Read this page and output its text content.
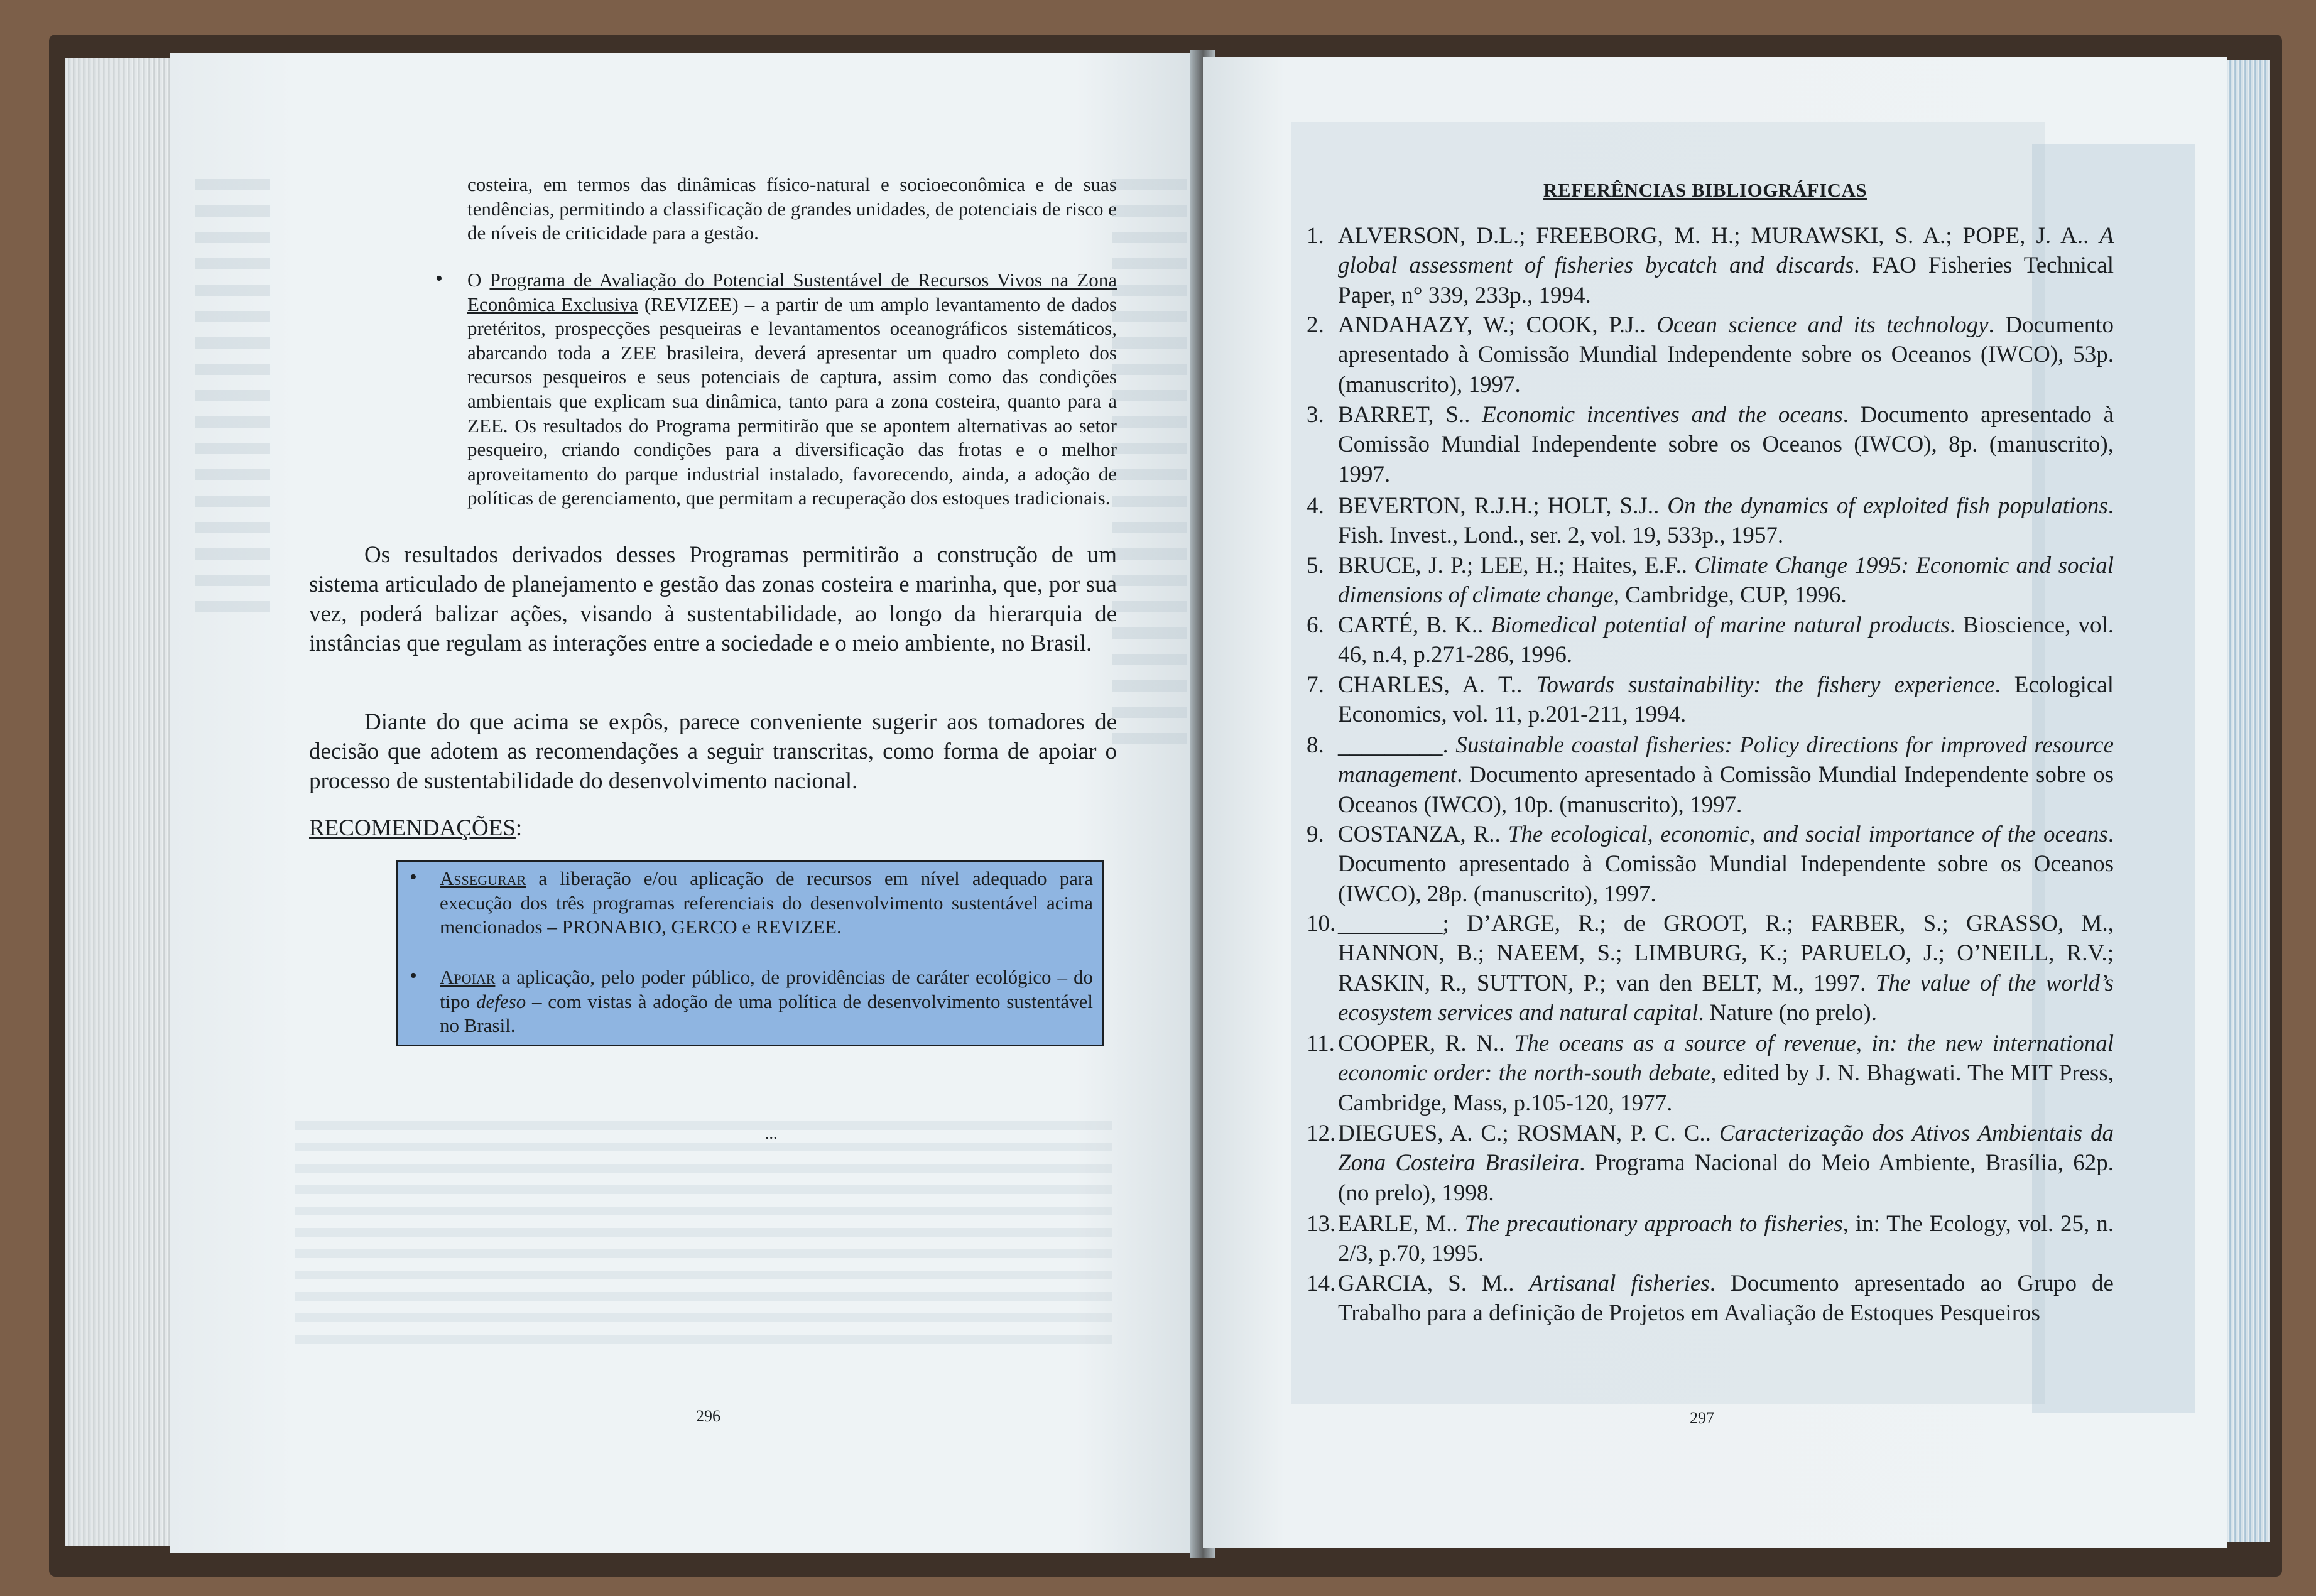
costeira, em termos das dinâmicas físico-natural e socioeconômica e de suas tendências, permitindo a classificação de grandes unidades, de potenciais de risco e de níveis de criticidade para a gestão.

• O Programa de Avaliação do Potencial Sustentável de Recursos Vivos na Zona Econômica Exclusiva (REVIZEE) – a partir de um amplo levantamento de dados pretéritos, prospecções pesqueiras e levantamentos oceanográficos sistemáticos, abarcando toda a ZEE brasileira, deverá apresentar um quadro completo dos recursos pesqueiros e seus potenciais de captura, assim como das condições ambientais que explicam sua dinâmica, tanto para a zona costeira, quanto para a ZEE. Os resultados do Programa permitirão que se apontem alternativas ao setor pesqueiro, criando condições para a diversificação das frotas e o melhor aproveitamento do parque industrial instalado, favorecendo, ainda, a adoção de políticas de gerenciamento, que permitam a recuperação dos estoques tradicionais.
Os resultados derivados desses Programas permitirão a construção de um sistema articulado de planejamento e gestão das zonas costeira e marinha, que, por sua vez, poderá balizar ações, visando à sustentabilidade, ao longo da hierarquia de instâncias que regulam as interações entre a sociedade e o meio ambiente, no Brasil.
Diante do que acima se expôs, parece conveniente sugerir aos tomadores de decisão que adotem as recomendações a seguir transcritas, como forma de apoiar o processo de sustentabilidade do desenvolvimento nacional.
RECOMENDAÇÕES:
• Assegurar a liberação e/ou aplicação de recursos em nível adequado para execução dos três programas referenciais do desenvolvimento sustentável acima mencionados – PRONABIO, GERCO e REVIZEE.
• Apoiar a aplicação, pelo poder público, de providências de caráter ecológico – do tipo defeso – com vistas à adoção de uma política de desenvolvimento sustentável no Brasil.
...
296
REFERÊNCIAS BIBLIOGRÁFICAS
1. ALVERSON, D.L.; FREEBORG, M. H.; MURAWSKI, S. A.; POPE, J. A.. A global assessment of fisheries bycatch and discards. FAO Fisheries Technical Paper, n° 339, 233p., 1994.
2. ANDAHAZY, W.; COOK, P.J.. Ocean science and its technology. Documento apresentado à Comissão Mundial Independente sobre os Oceanos (IWCO), 53p. (manuscrito), 1997.
3. BARRET, S.. Economic incentives and the oceans. Documento apresentado à Comissão Mundial Independente sobre os Oceanos (IWCO), 8p. (manuscrito), 1997.
4. BEVERTON, R.J.H.; HOLT, S.J.. On the dynamics of exploited fish populations. Fish. Invest., Lond., ser. 2, vol. 19, 533p., 1957.
5. BRUCE, J. P.; LEE, H.; Haites, E.F.. Climate Change 1995: Economic and social dimensions of climate change, Cambridge, CUP, 1996.
6. CARTÉ, B. K.. Biomedical potential of marine natural products. Bioscience, vol. 46, n.4, p.271-286, 1996.
7. CHARLES, A. T.. Towards sustainability: the fishery experience. Ecological Economics, vol. 11, p.201-211, 1994.
8. _________. Sustainable coastal fisheries: Policy directions for improved resource management. Documento apresentado à Comissão Mundial Independente sobre os Oceanos (IWCO), 10p. (manuscrito), 1997.
9. COSTANZA, R.. The ecological, economic, and social importance of the oceans. Documento apresentado à Comissão Mundial Independente sobre os Oceanos (IWCO), 28p. (manuscrito), 1997.
10. _________; D’ARGE, R.; de GROOT, R.; FARBER, S.; GRASSO, M., HANNON, B.; NAEEM, S.; LIMBURG, K.; PARUELO, J.; O’NEILL, R.V.; RASKIN, R., SUTTON, P.; van den BELT, M., 1997. The value of the world’s ecosystem services and natural capital. Nature (no prelo).
11. COOPER, R. N.. The oceans as a source of revenue, in: the new international economic order: the north-south debate, edited by J. N. Bhagwati. The MIT Press, Cambridge, Mass, p.105-120, 1977.
12. DIEGUES, A. C.; ROSMAN, P. C. C.. Caracterização dos Ativos Ambientais da Zona Costeira Brasileira. Programa Nacional do Meio Ambiente, Brasília, 62p. (no prelo), 1998.
13. EARLE, M.. The precautionary approach to fisheries, in: The Ecology, vol. 25, n. 2/3, p.70, 1995.
14. GARCIA, S. M.. Artisanal fisheries. Documento apresentado ao Grupo de Trabalho para a definição de Projetos em Avaliação de Estoques Pesqueiros
297
